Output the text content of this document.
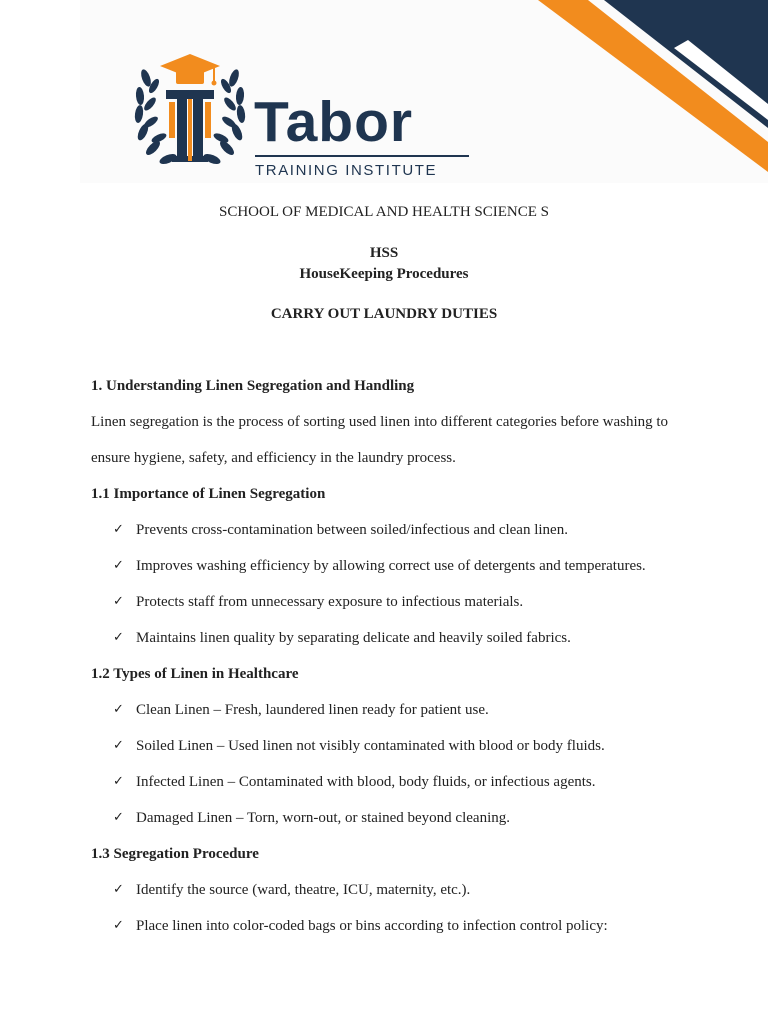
Tabor
TRAINING INSTITUTE
SCHOOL OF MEDICAL AND HEALTH SCIENCE S
HSS
HouseKeeping Procedures
CARRY OUT LAUNDRY DUTIES
1. Understanding Linen Segregation and Handling
Linen segregation is the process of sorting used linen into different categories before washing to
ensure hygiene, safety, and efficiency in the laundry process.
1.1 Importance of Linen Segregation
✓ Prevents cross-contamination between soiled/infectious and clean linen.
✓ Improves washing efficiency by allowing correct use of detergents and temperatures.
✓ Protects staff from unnecessary exposure to infectious materials.
✓ Maintains linen quality by separating delicate and heavily soiled fabrics.
1.2 Types of Linen in Healthcare
✓ Clean Linen – Fresh, laundered linen ready for patient use.
✓ Soiled Linen – Used linen not visibly contaminated with blood or body fluids.
✓ Infected Linen – Contaminated with blood, body fluids, or infectious agents.
✓ Damaged Linen – Torn, worn-out, or stained beyond cleaning.
1.3 Segregation Procedure
✓ Identify the source (ward, theatre, ICU, maternity, etc.).
✓ Place linen into color-coded bags or bins according to infection control policy:
